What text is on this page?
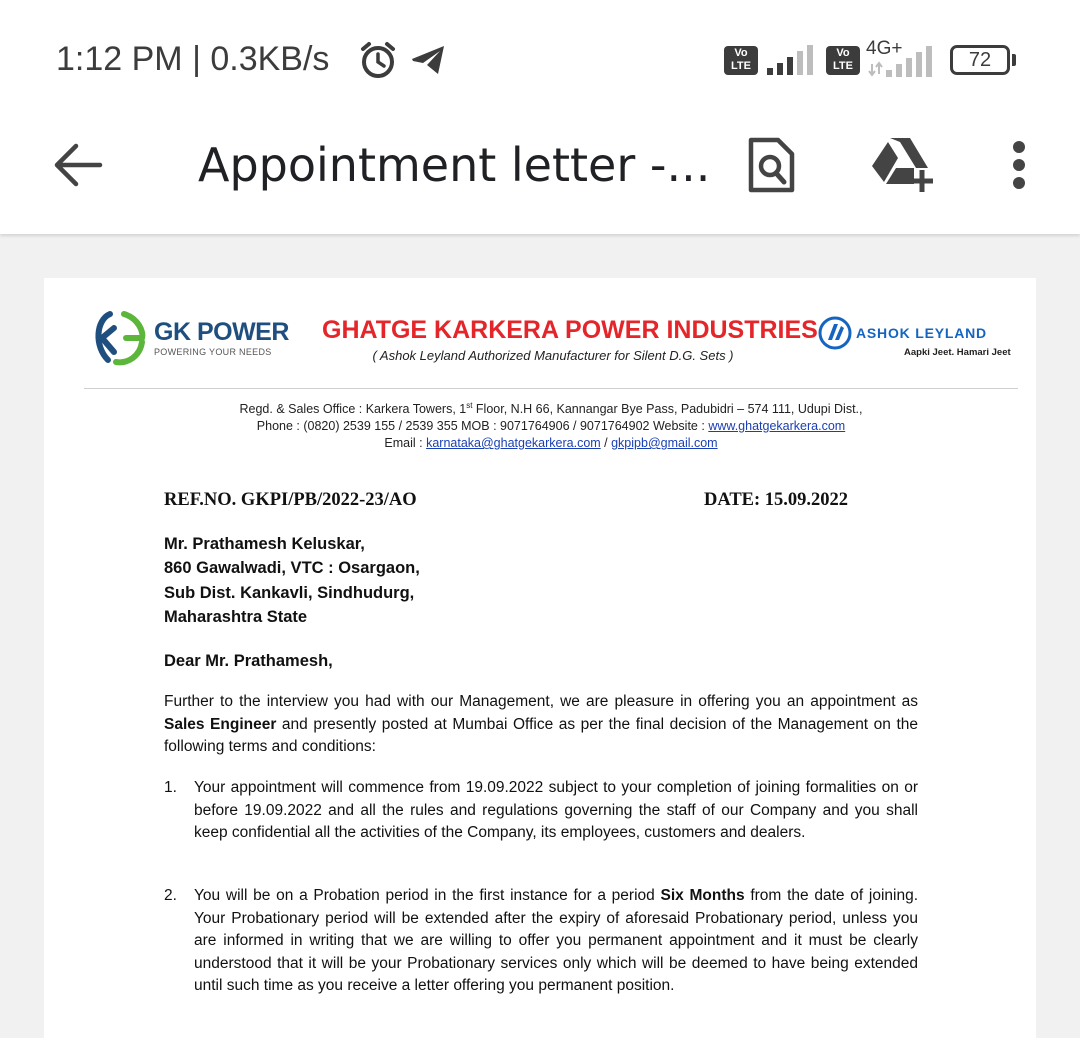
1:12 PM | 0.3KB/s	Vo
LTE
Vo
LTE
4G+
72
Appointment letter -...
GK POWER
POWERING YOUR NEEDS
GHATGE KARKERA POWER INDUSTRIES
( Ashok Leyland Authorized Manufacturer for Silent D.G. Sets )
ASHOK LEYLAND
Aapki Jeet. Hamari Jeet
Regd. & Sales Office : Karkera Towers, 1st Floor, N.H 66, Kannangar Bye Pass, Padubidri – 574 111, Udupi Dist.,
Phone : (0820) 2539 155 / 2539 355 MOB : 9071764906 / 9071764902 Website : www.ghatgekarkera.com
Email : karnataka@ghatgekarkera.com / gkpipb@gmail.com
REF.NO. GKPI/PB/2022-23/AO	DATE: 15.09.2022
Mr. Prathamesh Keluskar,
860 Gawalwadi, VTC : Osargaon,
Sub Dist. Kankavli, Sindhudurg,
Maharashtra State
Dear Mr. Prathamesh,
Further to the interview you had with our Management, we are pleasure in offering you an appointment as Sales Engineer and presently posted at Mumbai Office as per the final decision of the Management on the following terms and conditions:
1. Your appointment will commence from 19.09.2022 subject to your completion of joining formalities on or before 19.09.2022 and all the rules and regulations governing the staff of our Company and you shall keep confidential all the activities of the Company, its employees, customers and dealers.
2. You will be on a Probation period in the first instance for a period Six Months from the date of joining. Your Probationary period will be extended after the expiry of aforesaid Probationary period, unless you are informed in writing that we are willing to offer you permanent appointment and it must be clearly understood that it will be your Probationary services only which will be deemed to have being extended until such time as you receive a letter offering you permanent position.
